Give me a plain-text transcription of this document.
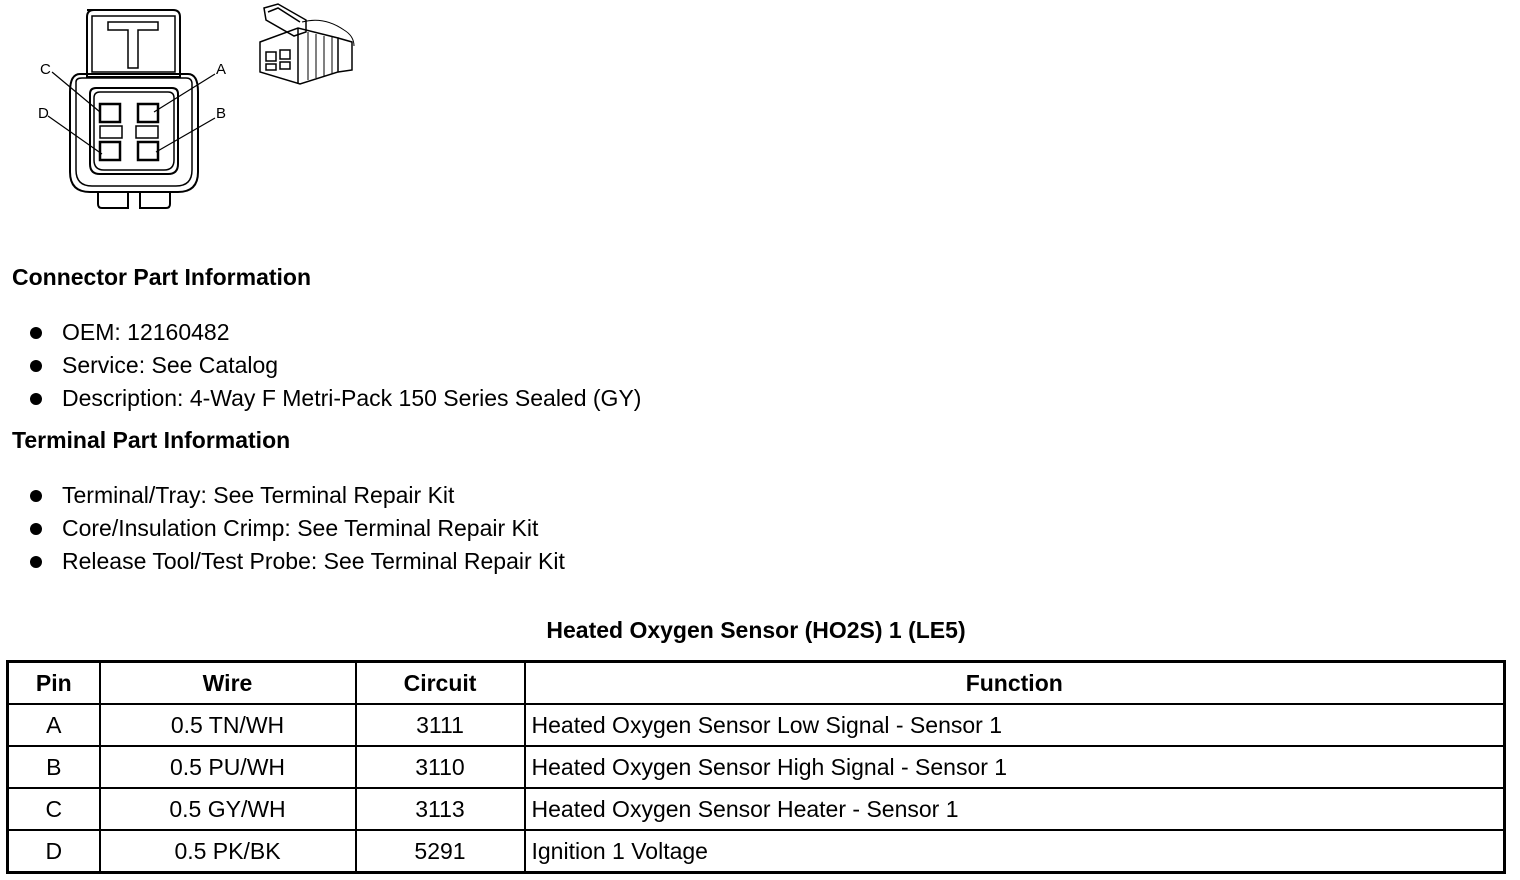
C	A
D	B
Connector Part Information
OEM: 12160482
Service: See Catalog
Description: 4-Way F Metri-Pack 150 Series Sealed (GY)
Terminal Part Information
Terminal/Tray: See Terminal Repair Kit
Core/Insulation Crimp: See Terminal Repair Kit
Release Tool/Test Probe: See Terminal Repair Kit
Heated Oxygen Sensor (HO2S) 1 (LE5)
Pin	Wire	Circuit	Function
A	0.5 TN/WH	3111	Heated Oxygen Sensor Low Signal - Sensor 1
B	0.5 PU/WH	3110	Heated Oxygen Sensor High Signal - Sensor 1
C	0.5 GY/WH	3113	Heated Oxygen Sensor Heater - Sensor 1
D	0.5 PK/BK	5291	Ignition 1 Voltage
